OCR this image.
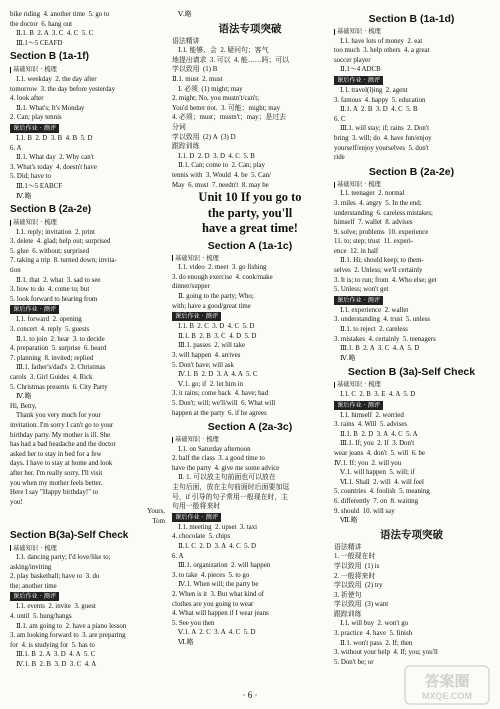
bike riding  4. another time  5. go to
the doctor  6. hang out
Ⅱ.1. B  2. A  3. C  4. C  5. C
Ⅲ.1～5 CEAFD
Section B (1a-1f)
基础知识 · 梳理
Ⅰ.1. weekday  2. the day after
tomorrow  3. the day before yesterday
4. look after
Ⅱ.1. What's; It's Monday
2. Can; play tennis
课后作业 · 测评
Ⅰ.1. B  2. D  3. B  4. B  5. D
6. A
Ⅱ.1. What day  2. Why can't
3. What's today  4. doesn't have
5. Did; have to
Ⅲ.1～5 EABCF
Ⅳ.略
Section B (2a-2e)
基础知识 · 梳理
Ⅰ.1. reply; invitation  2. print
3. delete  4. glad; help out; surprised
5. glue  6. without; surprised
7. taking a trip  8. turned down; invita-
tion
Ⅱ.1. that  2. what  3. sad to see
3. how to do  4. come to; but
5. look forward to hearing from
课后作业 · 测评
Ⅰ.1. forward  2. opening
3. concert  4. reply  5. guests
Ⅱ.1. to join  2. hear  3. to decide
4. preparation  5. surprise  6. heard
7. planning  8. invited; replied
Ⅲ.1. father's/dad's  2. Christmas
carols  3. Girl Guides  4. Rick
5. Christmas presents  6. City Party
Ⅳ.略
Hi, Betty,
Thank you very much for your
invitation. I'm sorry I can't go to your
birthday party. My mother is ill. She
has had a bad headache and the doctor
asked her to stay in bed for a few
days. I have to stay at home and look
after her. I'm really sorry. I'll visit
you when my mother feels better.
Here I say "Happy birthday!" to
you!
Yours,
Tom
Section B(3a)-Self Check
基础知识 · 梳理
Ⅰ.1. dancing party; I'd love/like to;
asking/inviting
2. play basketball; have to  3. do
the; another time
课后作业 · 测评
Ⅰ.1. events  2. invite  3. guest
4. until  5. hung/hangs
Ⅱ.1. am going to  2. have a piano lesson
3. am looking forward to  3. are preparing
for  4. is studying for  5. has to
Ⅲ.1. B  2. A  3. D  4. A  5. C
Ⅳ.1. B  2. B  3. D  3. C  4. A
Ⅴ.略
语法专项突破
语法精讲
Ⅰ.1. 能够、会  2. 疑问句；客气
地提出请求  3. 可以  4. 能……吗；可以
学以致用  (1) B
Ⅱ.1. must  2. must
Ⅰ. 必须  (1) might; may
2. might; No, you mustn't/can't;
You'd better not.  3. 可能；might; may
4. 必须；must；mustn't；may；是过去
分词
学以致用  (2) A  (3) D
跟踪训练
Ⅰ.1. D  2. D  3. D  4. C  5. B
Ⅱ.1. Can; come to  2. Can; play
tennis with  3. Would  4. be  5. Can/
May  6. must  7. needn't  8. may be
Unit 10 If you go to
the party, you'll
have a great time!
Section A (1a-1c)
基础知识 · 梳理
Ⅰ.1. video  2. meet  3. go fishing
3. do enough exercise  4. cook/make
dinner/supper
Ⅱ. going to the party; Who;
with; have a good/great time
课后作业 · 测评
Ⅰ.1. B  2. C  3. D  4. C  5. D
Ⅱ.1. B  2. B  3. C  4. D  5. D
Ⅲ.1. passes  2. will take
3. will happen  4. arrives
5. Don't have; will ask
Ⅳ.1. B  2. D  3. A  4. A  5. C
Ⅴ.1. go; if  2. let him in
3. it rains; come back  4. have; bad
5. Don't; will; we'll/will  6. What will
happen at the party  6. if he agrees
Section A (2a-3c)
基础知识 · 梳理
Ⅰ.1. on Saturday afternoon
2. half the class  3. a good time to
have the party  4. give me some advice
Ⅱ. 1. 可以放主句前面也可以放在
主句后面，放在主句前面时后面要加逗
号，if 引导的句子常用一般现在时，主
句用一般将来时
课后作业 · 测评
Ⅰ.1. meeting  2. upset  3. taxi
4. chocolate  5. chips
Ⅱ.1. C  2. D  3. A  4. C  5. D
6. A
Ⅲ.1. organization  2. will happen
3. to take  4. pieces  5. to go
Ⅳ.1. When will; the party be
2. When is it  3. But what kind of
clothes are you going to wear
4. What will happen if I wear jeans
5. See you then
Ⅴ.1. A  2. C  3. A  4. C  5. D
Ⅵ.略
Section B (1a-1d)
基础知识 · 梳理
Ⅰ.1. have lots of money  2. eat
too much  3. help others  4. a great
soccer player
Ⅱ.1～4 ADCB
课后作业 · 测评
Ⅰ.1. travel(l)ing  2. agent
3. famous  4. happy  5. education
Ⅱ.1. A  2. B  3. D  4. C  5. B
6. C
Ⅲ.1. will stay; if; rains  2. Don't
bring  3. will; do  4. have fun/enjoy
yourself/enjoy yourselves  5. don't
ride
Section B (2a-2e)
基础知识 · 梳理
Ⅰ.1. teenager  2. normal
3. miles  4. angry  5. In the end;
understanding  6. careless mistakes;
himself  7. wallet  8. advises
9. solve; problems  10. experience
11. to; step; trust  11. experi-
ence  12. in half
Ⅱ.1. Hi; should keep; to them-
selves  2. Unless; we'll certainly
3. It is; to run; from  4. Who else; get
5. Unless; won't get
课后作业 · 测评
Ⅰ.1. experience  2. wallet
3. understanding  4. trust  5. unless
Ⅱ.1. to reject  2. careless
3. mistakes  4. certainly  5. teenagers
Ⅲ.1. B  2. A  3. C  4. A  5. D
Ⅳ.略
Section B (3a)-Self Check
基础知识 · 梳理
Ⅰ.1. C  2. B  3. E  4. A  5. D
课后作业 · 测评
Ⅰ.1. himself  2. worried
3. rains  4. Will  5. advises
Ⅱ.1. B  2. D  3. A  4. C  5. A
Ⅲ.1. If; you  2. If  3. Don't
wear jeans  4. don't  5. will  6. be
Ⅳ.1. If; you  2. will you
Ⅴ.1. will happen  5. will; if
Ⅵ.1. Shall  2. will  4. will feel
5. countries  4. foolish  5. meaning
6. differently  7. on  8. waiting
9. should  10. will say
Ⅶ.略
语法专项突破
语法精讲
1. 一般现在时
学以致用  (1) is
2. 一般将来时
学以致用  (2) try
3. 祈使句
学以致用  (3) want
跟踪训练
Ⅰ.1. will buy  2. won't go
3. practice  4. have  5. finish
Ⅱ.1. won't pass  2. If; then
3. without your help  4. If; you; you'll
5. Don't be; or
· 6 ·
答案圈
MXQE.COM
